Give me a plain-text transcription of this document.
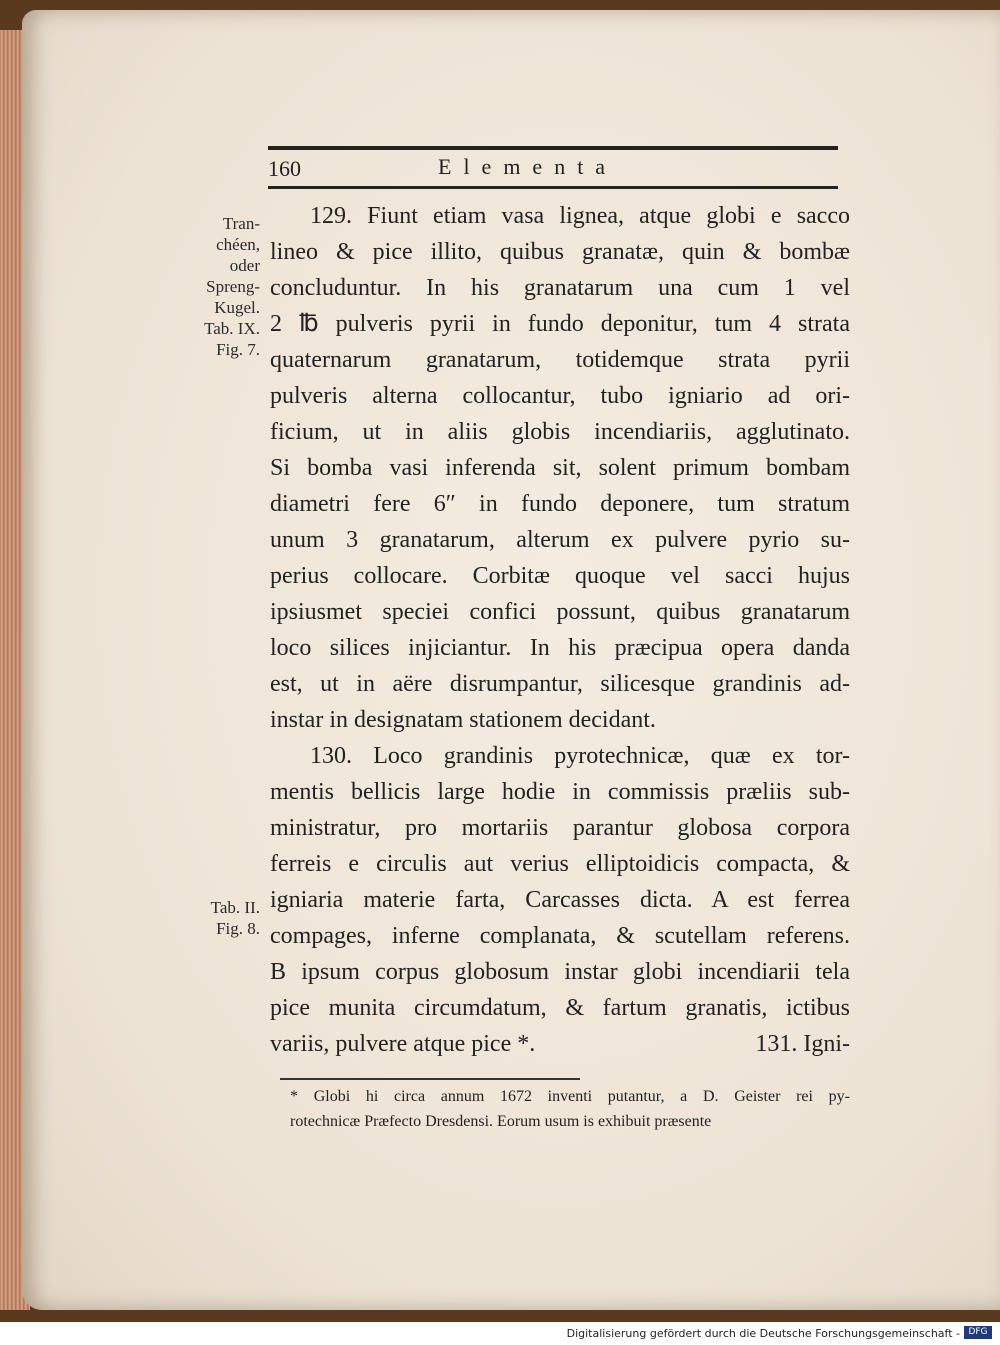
160	Elementa
Tran-
chéen,
oder
Spreng-
Kugel.
Tab. IX.
Fig. 7.
Tab. II.
Fig. 8.
129. Fiunt etiam vasa lignea, atque globi e sacco
lineo & pice illito, quibus granatæ, quin & bombæ
concluduntur. In his granatarum una cum 1 vel
2 ℔ pulveris pyrii in fundo deponitur, tum 4 strata
quaternarum granatarum, totidemque strata pyrii
pulveris alterna collocantur, tubo igniario ad ori-
ficium, ut in aliis globis incendiariis, agglutinato.
Si bomba vasi inferenda sit, solent primum bombam
diametri fere 6″ in fundo deponere, tum stratum
unum 3 granatarum, alterum ex pulvere pyrio su-
perius collocare. Corbitæ quoque vel sacci hujus
ipsiusmet speciei confici possunt, quibus granatarum
loco silices injiciantur. In his præcipua opera danda
est, ut in aëre disrumpantur, silicesque grandinis ad-
instar in designatam stationem decidant.
130. Loco grandinis pyrotechnicæ, quæ ex tor-
mentis bellicis large hodie in commissis præliis sub-
ministratur, pro mortariis parantur globosa corpora
ferreis e circulis aut verius elliptoidicis compacta, &
igniaria materie farta, Carcasses dicta. A est ferrea
compages, inferne complanata, & scutellam referens.
B ipsum corpus globosum instar globi incendiarii tela
pice munita circumdatum, & fartum granatis, ictibus
variis, pulvere atque pice *.	131. Igni-
* Globi hi circa annum 1672 inventi putantur, a D. Geister rei py-
rotechnicæ Præfecto Dresdensi. Eorum usum is exhibuit præsente
Digitalisierung gefördert durch die Deutsche Forschungsgemeinschaft - DFG
